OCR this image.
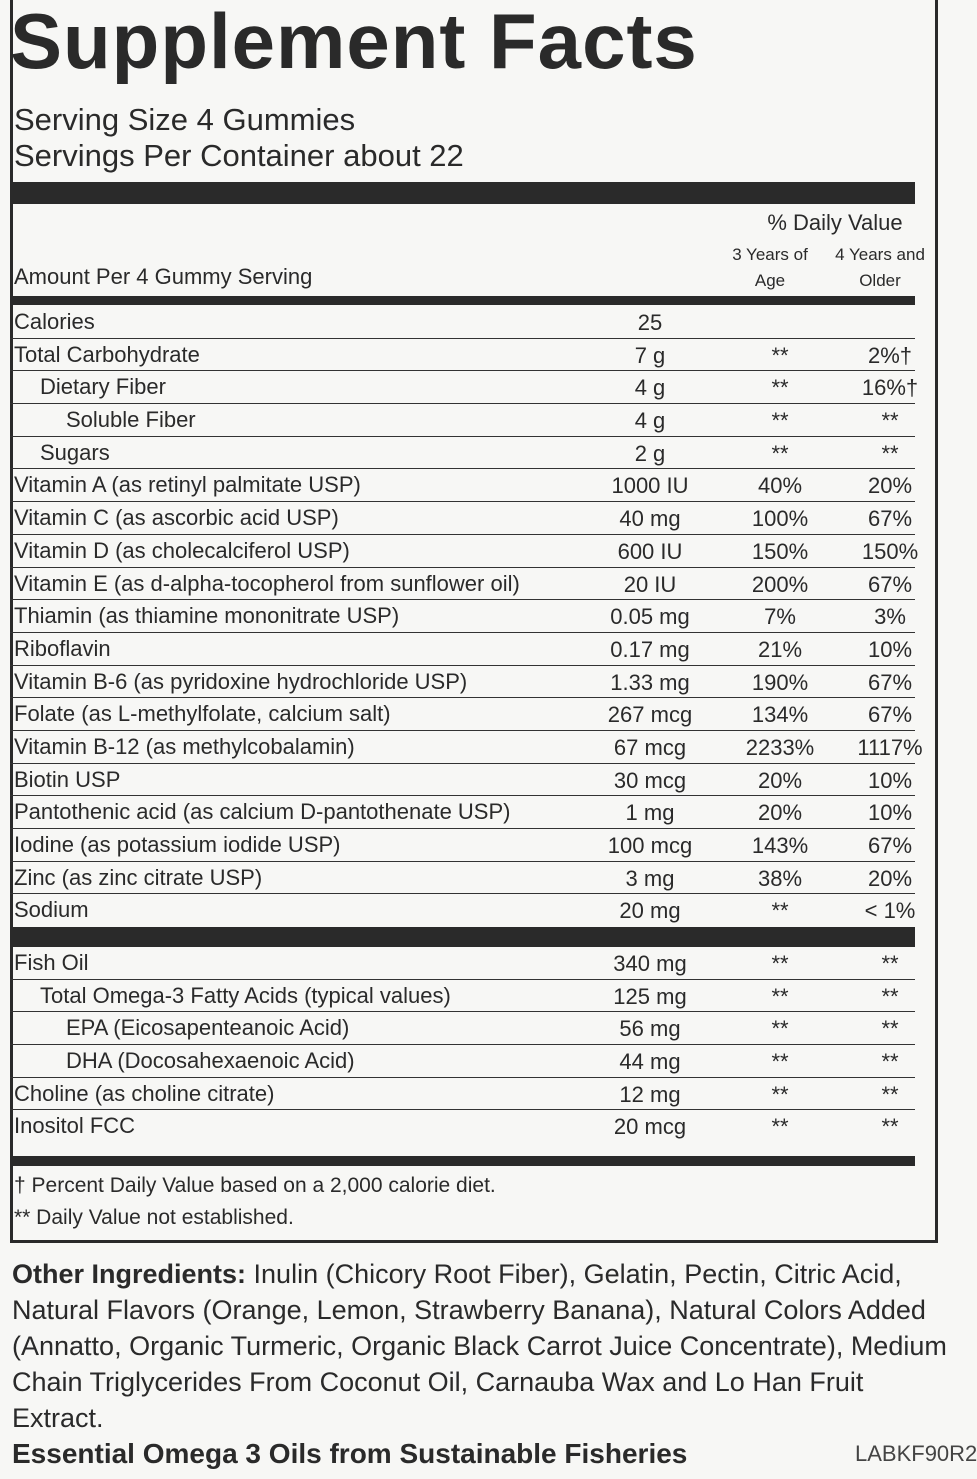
Supplement Facts
Serving Size 4 Gummies
Servings Per Container about 22
% Daily Value
3 Years of
Age
4 Years and
Older
Amount Per 4 Gummy Serving
Calories	25
Total Carbohydrate	7 g	**	2%†
Dietary Fiber	4 g	**	16%†
Soluble Fiber	4 g	**	**
Sugars	2 g	**	**
Vitamin A (as retinyl palmitate USP)	1000 IU	40%	20%
Vitamin C (as ascorbic acid USP)	40 mg	100%	67%
Vitamin D (as cholecalciferol USP)	600 IU	150%	150%
Vitamin E (as d-alpha-tocopherol from sunflower oil)	20 IU	200%	67%
Thiamin (as thiamine mononitrate USP)	0.05 mg	7%	3%
Riboflavin	0.17 mg	21%	10%
Vitamin B-6 (as pyridoxine hydrochloride USP)	1.33 mg	190%	67%
Folate (as L-methylfolate, calcium salt)	267 mcg	134%	67%
Vitamin B-12 (as methylcobalamin)	67 mcg	2233%	1117%
Biotin USP	30 mcg	20%	10%
Pantothenic acid (as calcium D-pantothenate USP)	1 mg	20%	10%
Iodine (as potassium iodide USP)	100 mcg	143%	67%
Zinc (as zinc citrate USP)	3 mg	38%	20%
Sodium	20 mg	**	< 1%
Fish Oil	340 mg	**	**
Total Omega-3 Fatty Acids (typical values)	125 mg	**	**
EPA (Eicosapenteanoic Acid)	56 mg	**	**
DHA (Docosahexaenoic Acid)	44 mg	**	**
Choline (as choline citrate)	12 mg	**	**
Inositol FCC	20 mcg	**	**
† Percent Daily Value based on a 2,000 calorie diet.
** Daily Value not established.
Other Ingredients: Inulin (Chicory Root Fiber), Gelatin, Pectin, Citric Acid, Natural Flavors (Orange, Lemon, Strawberry Banana), Natural Colors Added (Annatto, Organic Turmeric, Organic Black Carrot Juice Concentrate), Medium Chain Triglycerides From Coconut Oil, Carnauba Wax and Lo Han Fruit Extract.
Essential Omega 3 Oils from Sustainable Fisheries	LABKF90R2
